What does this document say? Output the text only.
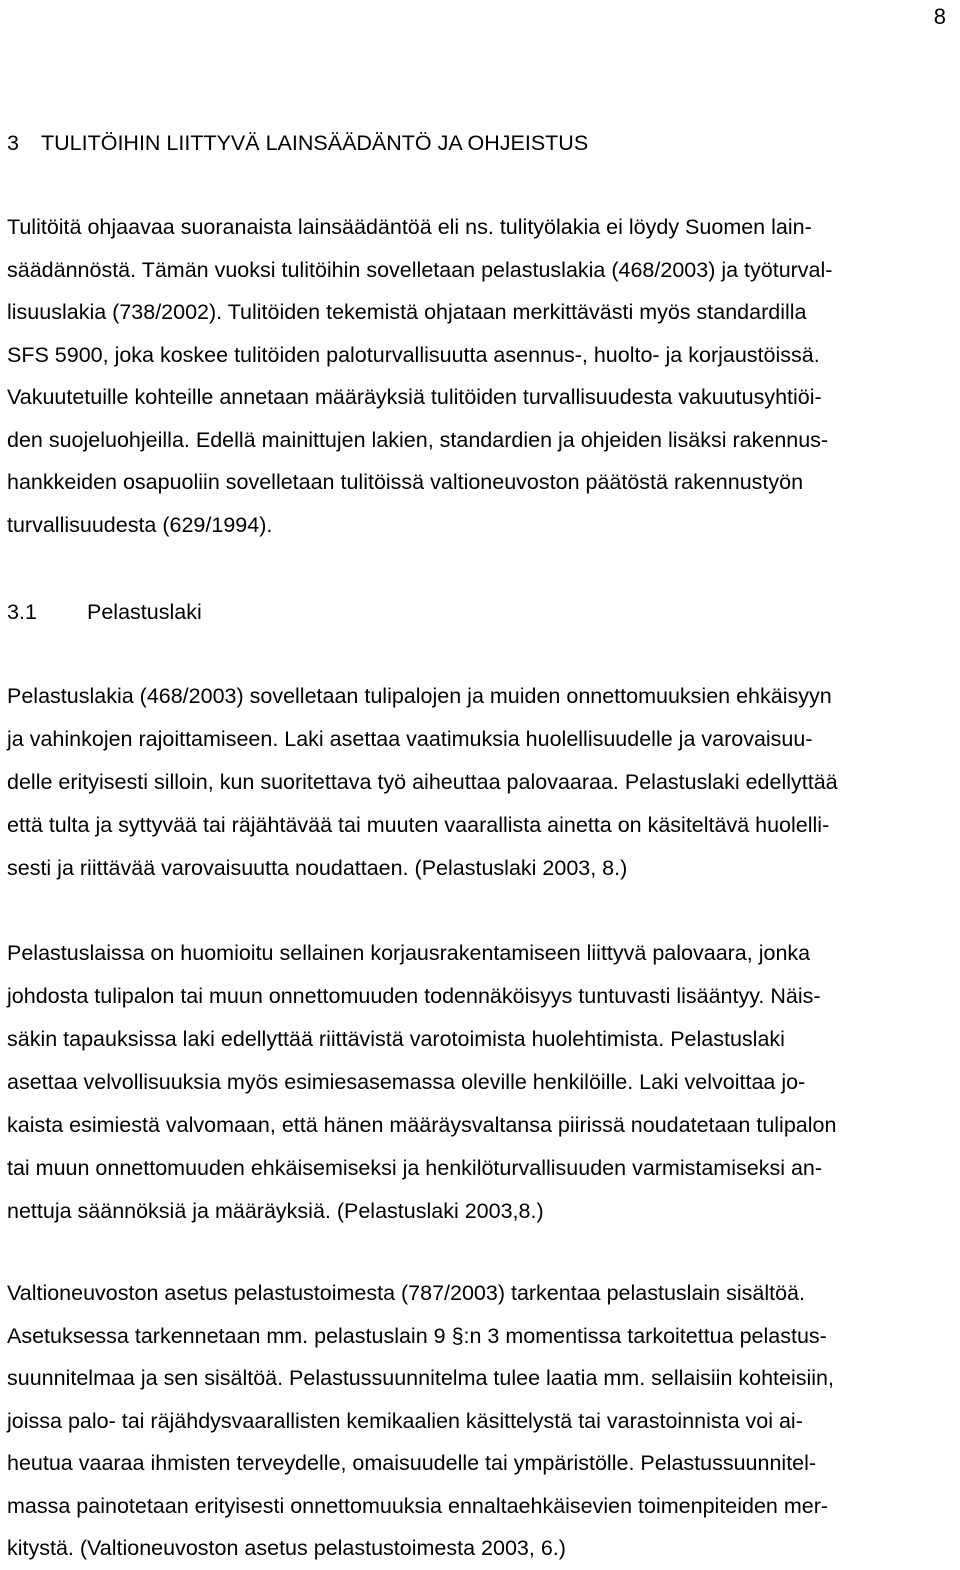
8
3 TULITÖIHIN LIITTYVÄ LAINSÄÄDÄNTÖ JA OHJEISTUS
Tulitöitä ohjaavaa suoranaista lainsäädäntöä eli ns. tulityölakia ei löydy Suomen lain-
säädännöstä. Tämän vuoksi tulitöihin sovelletaan pelastuslakia (468/2003) ja työturval-
lisuuslakia (738/2002). Tulitöiden tekemistä ohjataan merkittävästi myös standardilla
SFS 5900, joka koskee tulitöiden paloturvallisuutta asennus-, huolto- ja korjaustöissä.
Vakuutetuille kohteille annetaan määräyksiä tulitöiden turvallisuudesta vakuutusyhtiöi-
den suojeluohjeilla. Edellä mainittujen lakien, standardien ja ohjeiden lisäksi rakennus-
hankkeiden osapuoliin sovelletaan tulitöissä valtioneuvoston päätöstä rakennustyön
turvallisuudesta (629/1994).
3.1 Pelastuslaki
Pelastuslakia (468/2003) sovelletaan tulipalojen ja muiden onnettomuuksien ehkäisyyn
ja vahinkojen rajoittamiseen. Laki asettaa vaatimuksia huolellisuudelle ja varovaisuu-
delle erityisesti silloin, kun suoritettava työ aiheuttaa palovaaraa. Pelastuslaki edellyttää
että tulta ja syttyvää tai räjähtävää tai muuten vaarallista ainetta on käsiteltävä huolelli-
sesti ja riittävää varovaisuutta noudattaen. (Pelastuslaki 2003, 8.)
Pelastuslaissa on huomioitu sellainen korjausrakentamiseen liittyvä palovaara, jonka
johdosta tulipalon tai muun onnettomuuden todennäköisyys tuntuvasti lisääntyy. Näis-
säkin tapauksissa laki edellyttää riittävistä varotoimista huolehtimista. Pelastuslaki
asettaa velvollisuuksia myös esimiesasemassa oleville henkilöille. Laki velvoittaa jo-
kaista esimiestä valvomaan, että hänen määräysvaltansa piirissä noudatetaan tulipalon
tai muun onnettomuuden ehkäisemiseksi ja henkilöturvallisuuden varmistamiseksi an-
nettuja säännöksiä ja määräyksiä. (Pelastuslaki 2003,8.)
Valtioneuvoston asetus pelastustoimesta (787/2003) tarkentaa pelastuslain sisältöä.
Asetuksessa tarkennetaan mm. pelastuslain 9 §:n 3 momentissa tarkoitettua pelastus-
suunnitelmaa ja sen sisältöä. Pelastussuunnitelma tulee laatia mm. sellaisiin kohteisiin,
joissa palo- tai räjähdysvaarallisten kemikaalien käsittelystä tai varastoinnista voi ai-
heutua vaaraa ihmisten terveydelle, omaisuudelle tai ympäristölle. Pelastussuunnitel-
massa painotetaan erityisesti onnettomuuksia ennaltaehkäisevien toimenpiteiden mer-
kitystä. (Valtioneuvoston asetus pelastustoimesta 2003, 6.)
